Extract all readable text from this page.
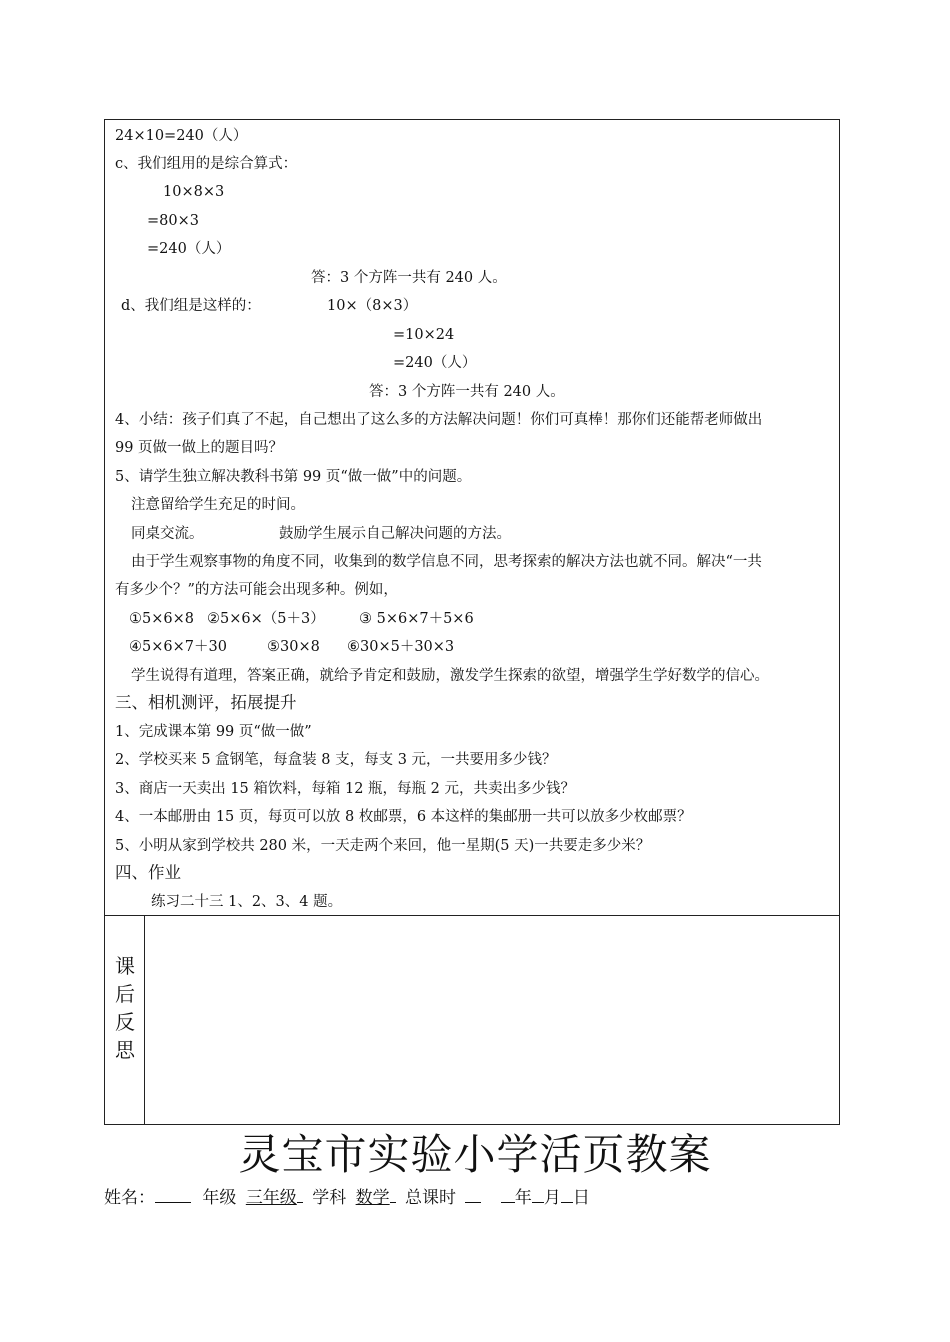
24×10=240（人）
c、我们组用的是综合算式：
10×8×3
=80×3
=240（人）
答：3 个方阵一共有 240 人。
d、我们组是这样的：	10×（8×3）
=10×24
=240（人）
答：3 个方阵一共有 240 人。
4、小结：孩子们真了不起，自己想出了这么多的方法解决问题！你们可真棒！那你们还能帮老师做出
99 页做一做上的题目吗？
5、请学生独立解决教科书第 99 页“做一做”中的问题。
注意留给学生充足的时间。
同桌交流。	鼓励学生展示自己解决问题的方法。
由于学生观察事物的角度不同，收集到的数学信息不同，思考探索的解决方法也就不同。解决“一共
有多少个？”的方法可能会出现多种。例如，
①5×6×8 ②5×6×（5＋3） ③ 5×6×7＋5×6
④5×6×7＋30	⑤30×8 ⑥30×5＋30×3
学生说得有道理，答案正确，就给予肯定和鼓励，激发学生探索的欲望，增强学生学好数学的信心。
三、相机测评，拓展提升
1、完成课本第 99 页“做一做”
2、学校买来 5 盒钢笔，每盒装 8 支，每支 3 元，一共要用多少钱？
3、商店一天卖出 15 箱饮料，每箱 12 瓶，每瓶 2 元，共卖出多少钱？
4、一本邮册由 15 页，每页可以放 8 枚邮票，6 本这样的集邮册一共可以放多少枚邮票？
5、小明从家到学校共 280 米，一天走两个来回，他一星期(5 天)一共要走多少米？
四、作业
练习二十三 1、2、3、4 题。
课
后
反
思
灵宝市实验小学活页教案
姓名：	年级 三年级 学科 数学 总课时	年 月 日
